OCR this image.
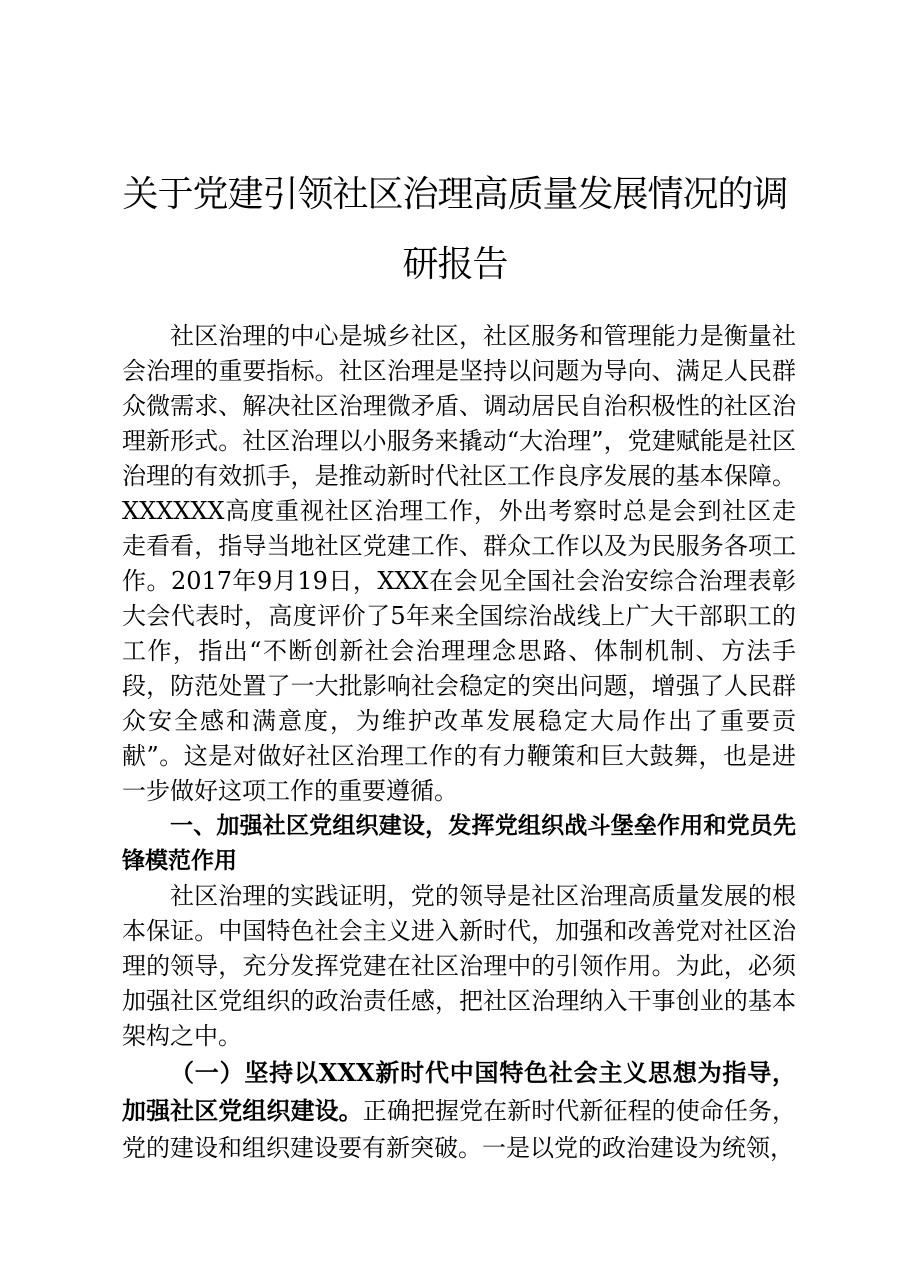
关于党建引领社区治理高质量发展情况的调研报告

社区治理的中心是城乡社区，社区服务和管理能力是衡量社会治理的重要指标。社区治理是坚持以问题为导向、满足人民群众微需求、解决社区治理微矛盾、调动居民自治积极性的社区治理新形式。社区治理以小服务来撬动“大治理”，党建赋能是社区治理的有效抓手，是推动新时代社区工作良序发展的基本保障。XXXXXX高度重视社区治理工作，外出考察时总是会到社区走走看看，指导当地社区党建工作、群众工作以及为民服务各项工作。2017年9月19日，XXX在会见全国社会治安综合治理表彰大会代表时，高度评价了5年来全国综治战线上广大干部职工的工作，指出“不断创新社会治理理念思路、体制机制、方法手段，防范处置了一大批影响社会稳定的突出问题，增强了人民群众安全感和满意度，为维护改革发展稳定大局作出了重要贡献”。这是对做好社区治理工作的有力鞭策和巨大鼓舞，也是进一步做好这项工作的重要遵循。

一、加强社区党组织建设，发挥党组织战斗堡垒作用和党员先锋模范作用

社区治理的实践证明，党的领导是社区治理高质量发展的根本保证。中国特色社会主义进入新时代，加强和改善党对社区治理的领导，充分发挥党建在社区治理中的引领作用。为此，必须加强社区党组织的政治责任感，把社区治理纳入干事创业的基本架构之中。

（一）坚持以XXX新时代中国特色社会主义思想为指导，加强社区党组织建设。正确把握党在新时代新征程的使命任务，党的建设和组织建设要有新突破。一是以党的政治建设为统领，
